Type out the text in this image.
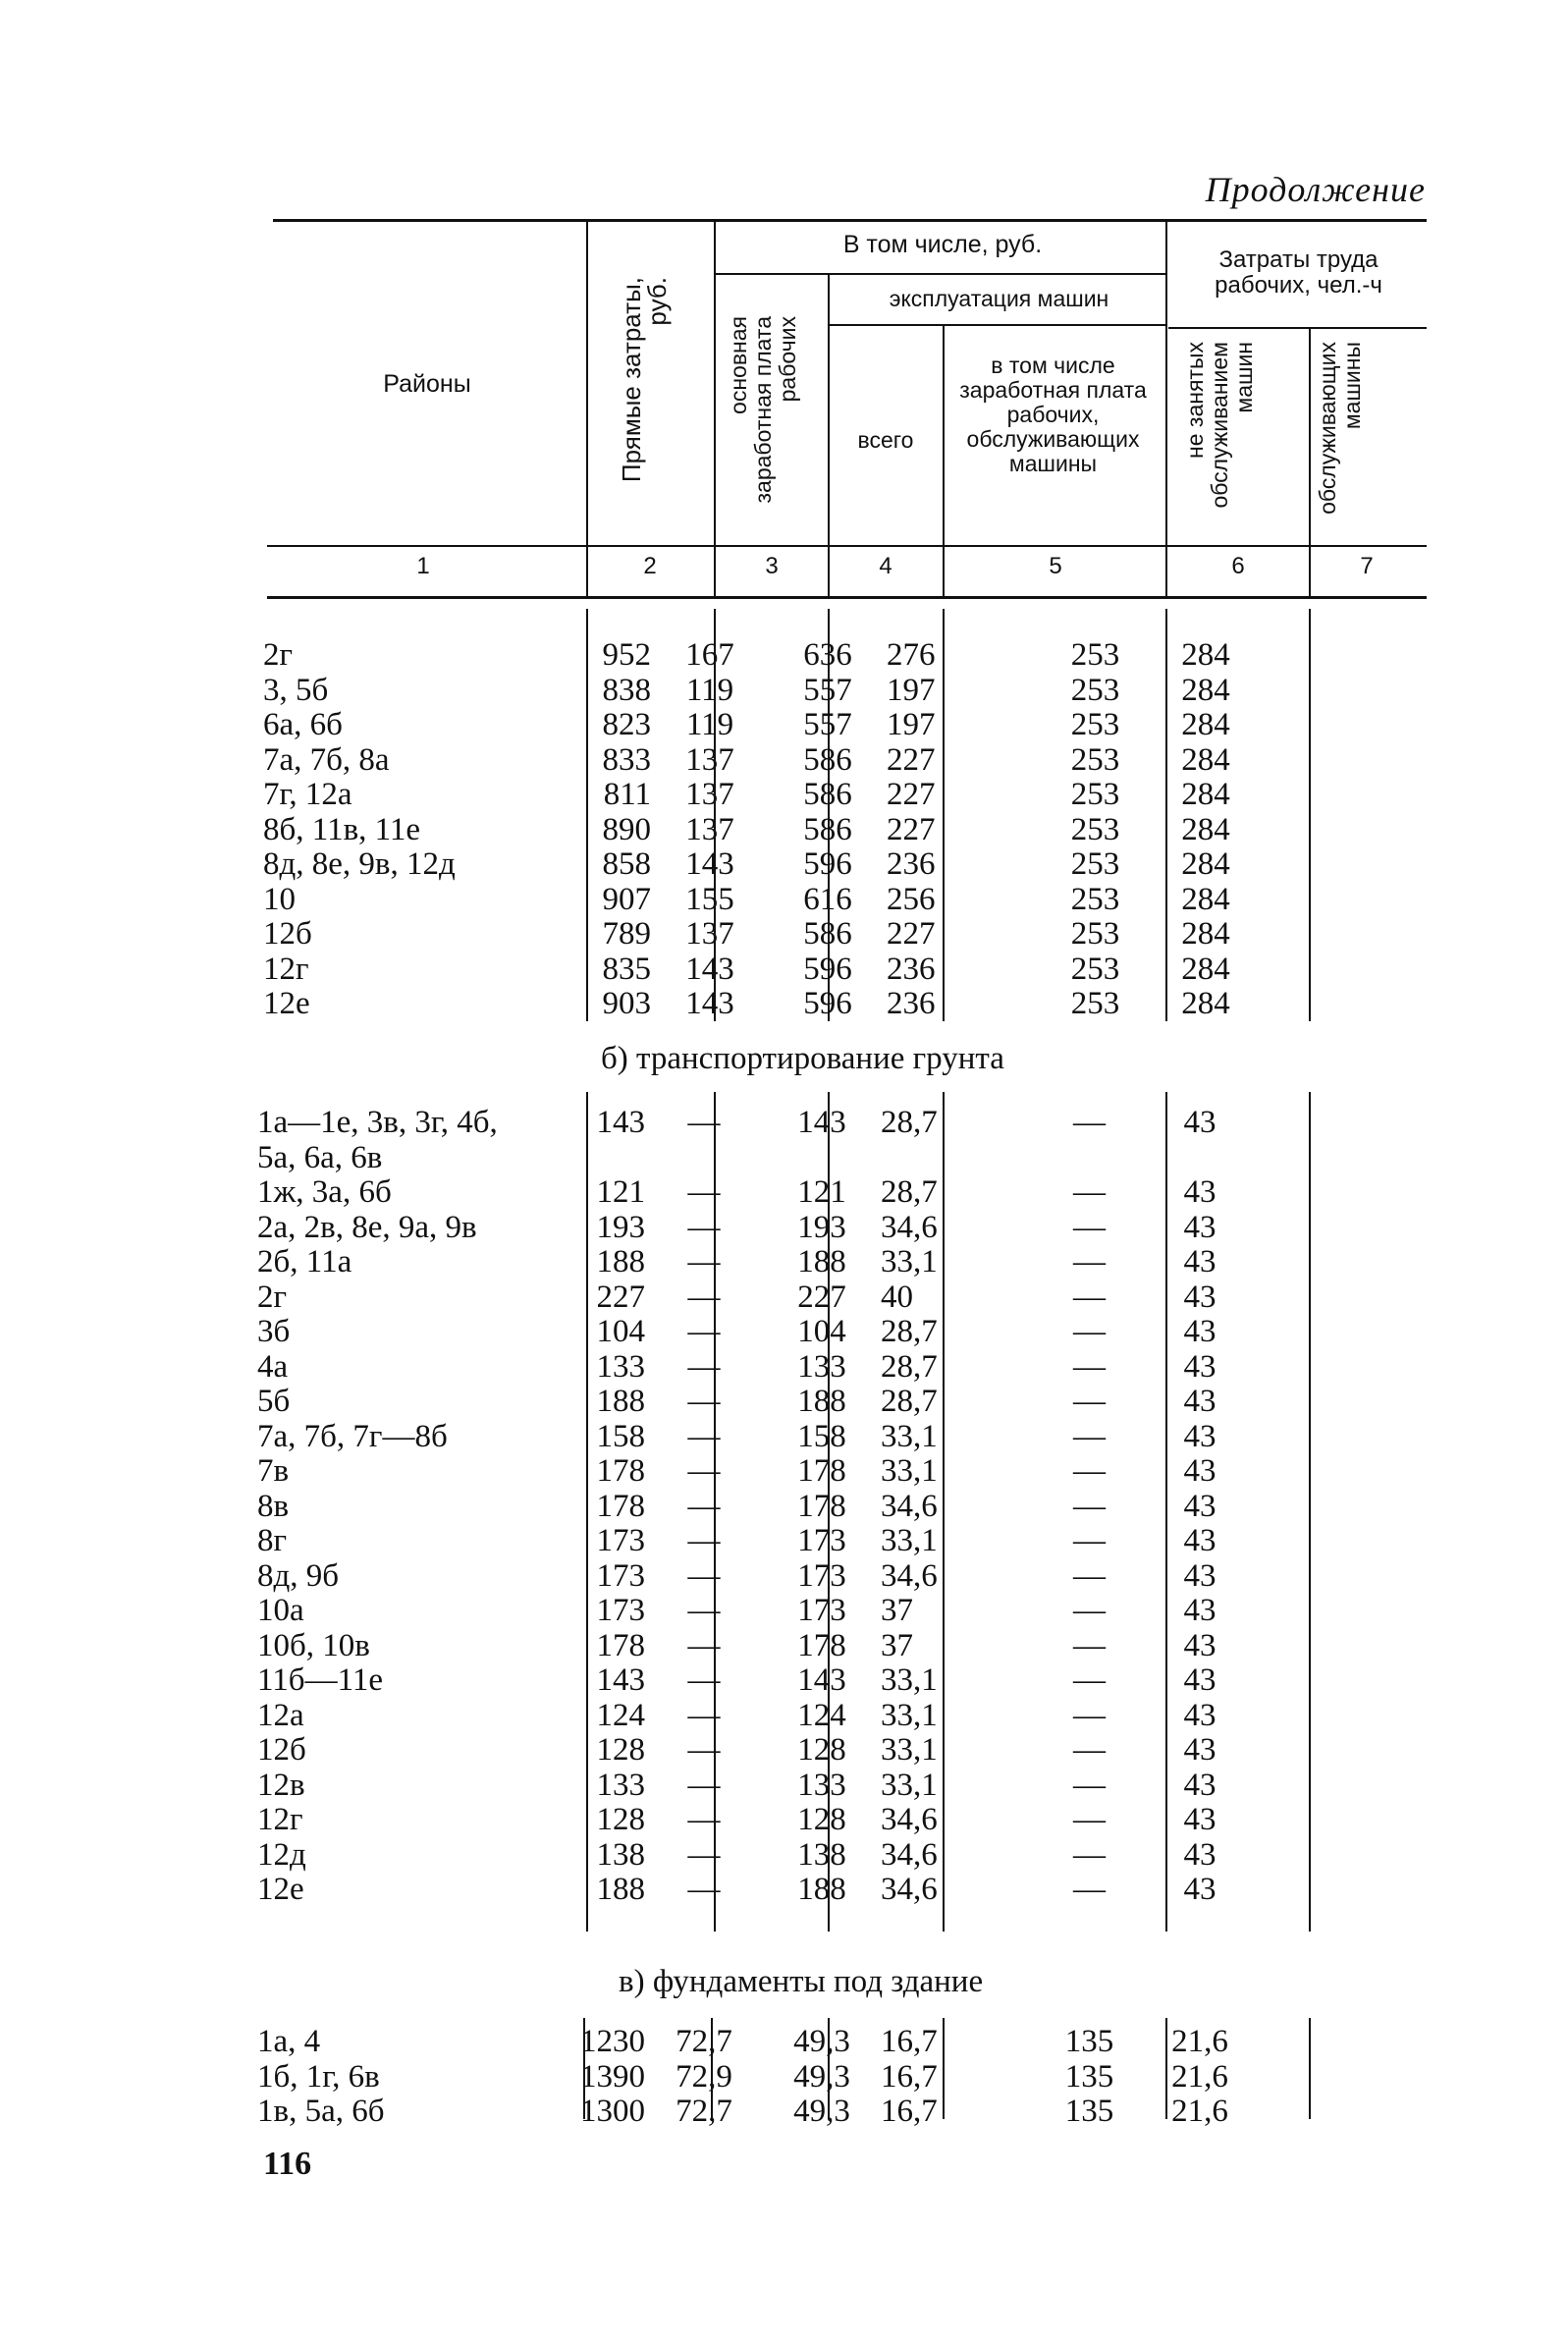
Продолжение
Районы	Прямые затраты, руб.
В том числе, руб.
основная заработная плата рабочих
эксплуатация машин
всего
в том числе заработная плата рабочих, обслуживающих машины
Затраты труда рабочих, чел.-ч
не занятых обслуживанием машин	обслуживающих машины
1	2	3	4	5	6	7
б) транспортирование грунта
в) фундаменты под здание
2г	952	167	636	276	253	284
3, 5б	838	119	557	197	253	284
6а, 6б	823	119	557	197	253	284
7а, 7б, 8а	833	137	586	227	253	284
7г, 12а	811	137	586	227	253	284
8б, 11в, 11е	890	137	586	227	253	284
8д, 8е, 9в, 12д	858	143	596	236	253	284
10	907	155	616	256	253	284
12б	789	137	586	227	253	284
12г	835	143	596	236	253	284
12е	903	143	596	236	253	284
1а—1е, 3в, 3г, 4б,	143	—	143	28,7	—	43
5а, 6а, 6в						
1ж, 3а, 6б	121	—	121	28,7	—	43
2а, 2в, 8е, 9а, 9в	193	—	193	34,6	—	43
2б, 11а	188	—	188	33,1	—	43
2г	227	—	227	40	—	43
3б	104	—	104	28,7	—	43
4а	133	—	133	28,7	—	43
5б	188	—	188	28,7	—	43
7а, 7б, 7г—8б	158	—	158	33,1	—	43
7в	178	—	178	33,1	—	43
8в	178	—	178	34,6	—	43
8г	173	—	173	33,1	—	43
8д, 9б	173	—	173	34,6	—	43
10а	173	—	173	37	—	43
10б, 10в	178	—	178	37	—	43
11б—11е	143	—	143	33,1	—	43
12а	124	—	124	33,1	—	43
12б	128	—	128	33,1	—	43
12в	133	—	133	33,1	—	43
12г	128	—	128	34,6	—	43
12д	138	—	138	34,6	—	43
12е	188	—	188	34,6	—	43
1а, 4	1230	72,7	49,3	16,7	135	21,6
1б, 1г, 6в	1390	72,9	49,3	16,7	135	21,6
1в, 5а, 6б	1300	72,7	49,3	16,7	135	21,6
116
